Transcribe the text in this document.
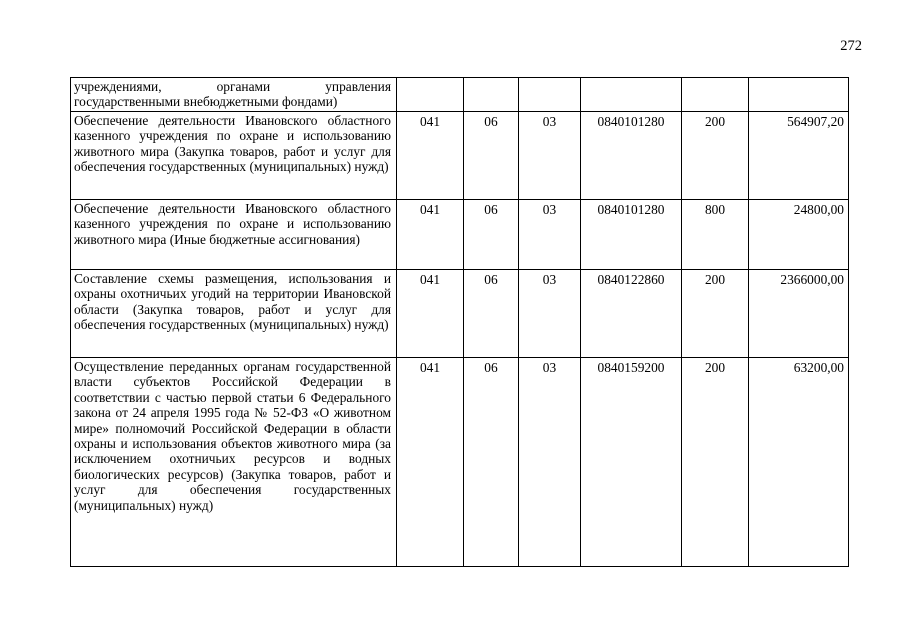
272
учреждениями, органами управления государственными внебюджетными фондами)						
Обеспечение деятельности Ивановского областного казенного учреждения по охране и использованию животного мира (Закупка товаров, работ и услуг для обеспечения государственных (муниципальных) нужд)	041	06	03	0840101280	200	564907,20
Обеспечение деятельности Ивановского областного казенного учреждения по охране и использованию животного мира (Иные бюджетные ассигнования)	041	06	03	0840101280	800	24800,00
Составление схемы размещения, использования и охраны охотничьих угодий на территории Ивановской области (Закупка товаров, работ и услуг для обеспечения государственных (муниципальных) нужд)	041	06	03	0840122860	200	2366000,00
Осуществление переданных органам государственной власти субъектов Российской Федерации в соответствии с частью первой статьи 6 Федерального закона от 24 апреля 1995 года № 52-ФЗ «О животном мире» полномочий Российской Федерации в области охраны и использования объектов животного мира (за исключением охотничьих ресурсов и водных биологических ресурсов) (Закупка товаров, работ и услуг для обеспечения государственных (муниципальных) нужд)	041	06	03	0840159200	200	63200,00
